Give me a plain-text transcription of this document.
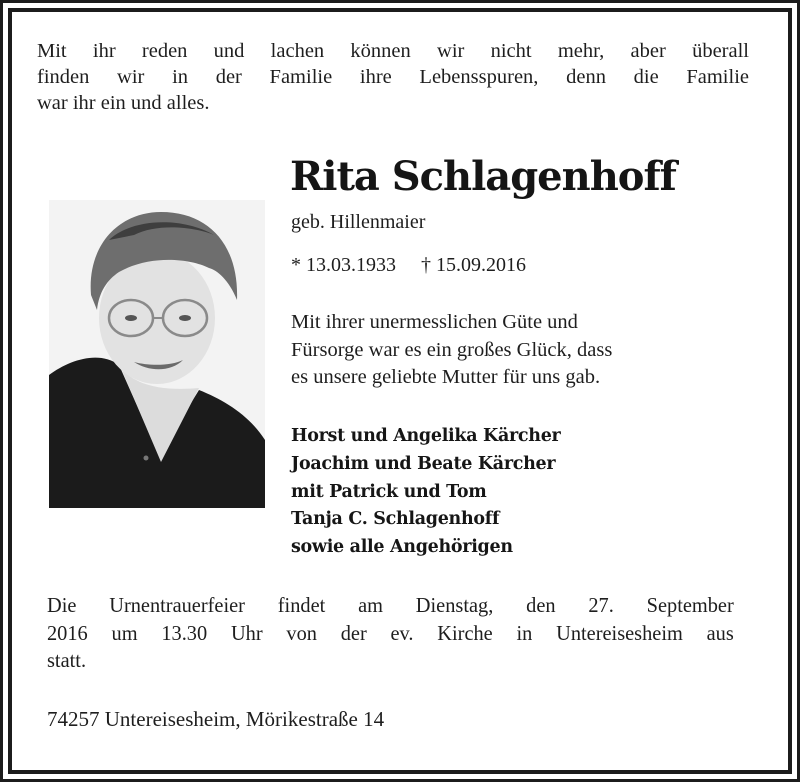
Mit ihr reden und lachen können wir nicht mehr, aber überall
finden wir in der Familie ihre Lebensspuren, denn die Familie
war ihr ein und alles.
Rita Schlagenhoff
geb. Hillenmaier
* 13.03.1933 † 15.09.2016
Mit ihrer unermesslichen Güte und
Fürsorge war es ein großes Glück, dass
es unsere geliebte Mutter für uns gab.
Horst und Angelika Kärcher
Joachim und Beate Kärcher
mit Patrick und Tom
Tanja C. Schlagenhoff
sowie alle Angehörigen
Die Urnentrauerfeier findet am Dienstag, den 27. September
2016 um 13.30 Uhr von der ev. Kirche in Untereisesheim aus
statt.
74257 Untereisesheim, Mörikestraße 14
